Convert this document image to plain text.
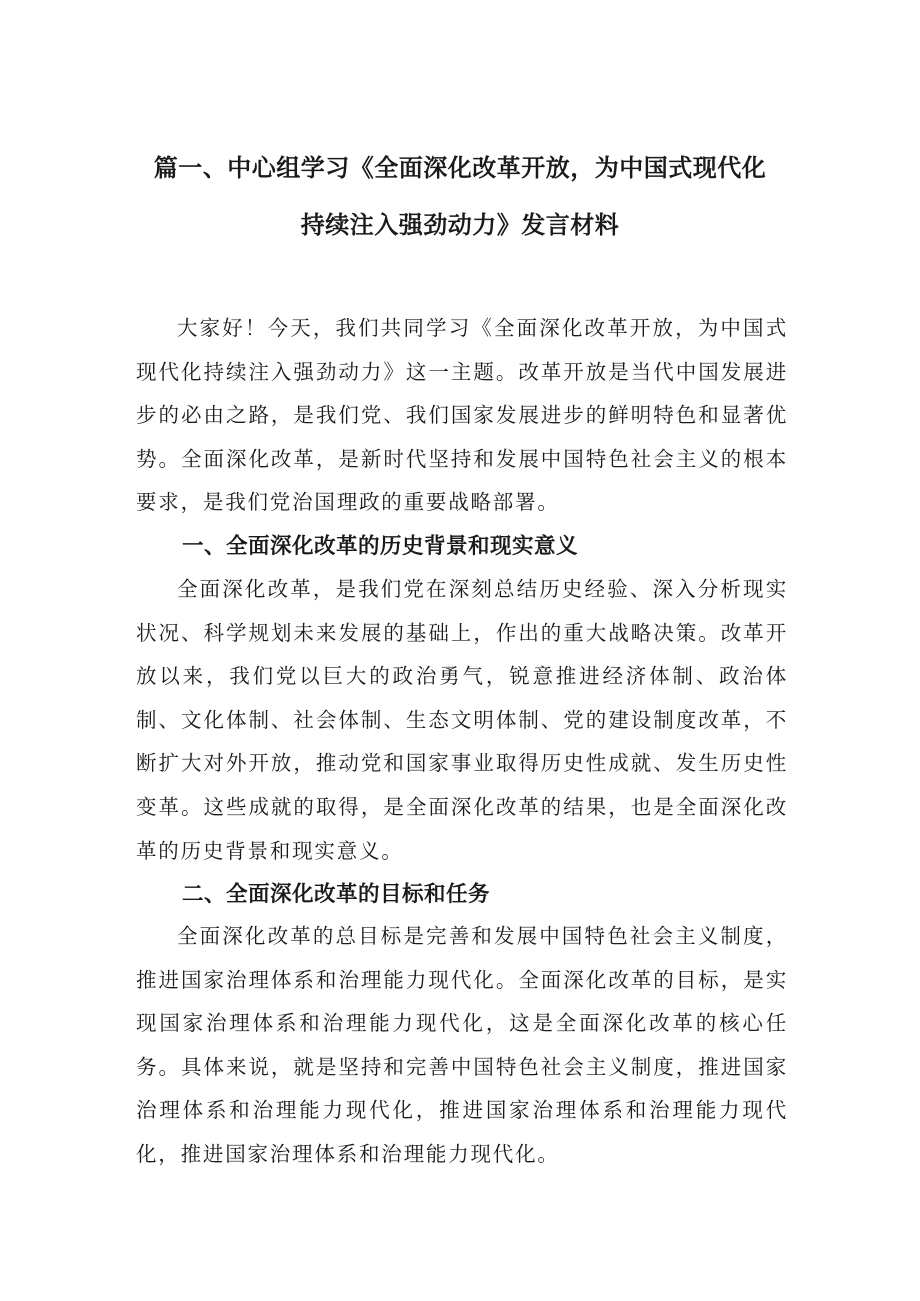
篇一、中心组学习《全面深化改革开放，为中国式现代化
持续注入强劲动力》发言材料

大家好！今天，我们共同学习《全面深化改革开放，为中国式现代化持续注入强劲动力》这一主题。改革开放是当代中国发展进步的必由之路，是我们党、我们国家发展进步的鲜明特色和显著优势。全面深化改革，是新时代坚持和发展中国特色社会主义的根本要求，是我们党治国理政的重要战略部署。

一、全面深化改革的历史背景和现实意义

全面深化改革，是我们党在深刻总结历史经验、深入分析现实状况、科学规划未来发展的基础上，作出的重大战略决策。改革开放以来，我们党以巨大的政治勇气，锐意推进经济体制、政治体制、文化体制、社会体制、生态文明体制、党的建设制度改革，不断扩大对外开放，推动党和国家事业取得历史性成就、发生历史性变革。这些成就的取得，是全面深化改革的结果，也是全面深化改革的历史背景和现实意义。

二、全面深化改革的目标和任务

全面深化改革的总目标是完善和发展中国特色社会主义制度，推进国家治理体系和治理能力现代化。全面深化改革的目标，是实现国家治理体系和治理能力现代化，这是全面深化改革的核心任务。具体来说，就是坚持和完善中国特色社会主义制度，推进国家治理体系和治理能力现代化，推进国家治理体系和治理能力现代化，推进国家治理体系和治理能力现代化。
